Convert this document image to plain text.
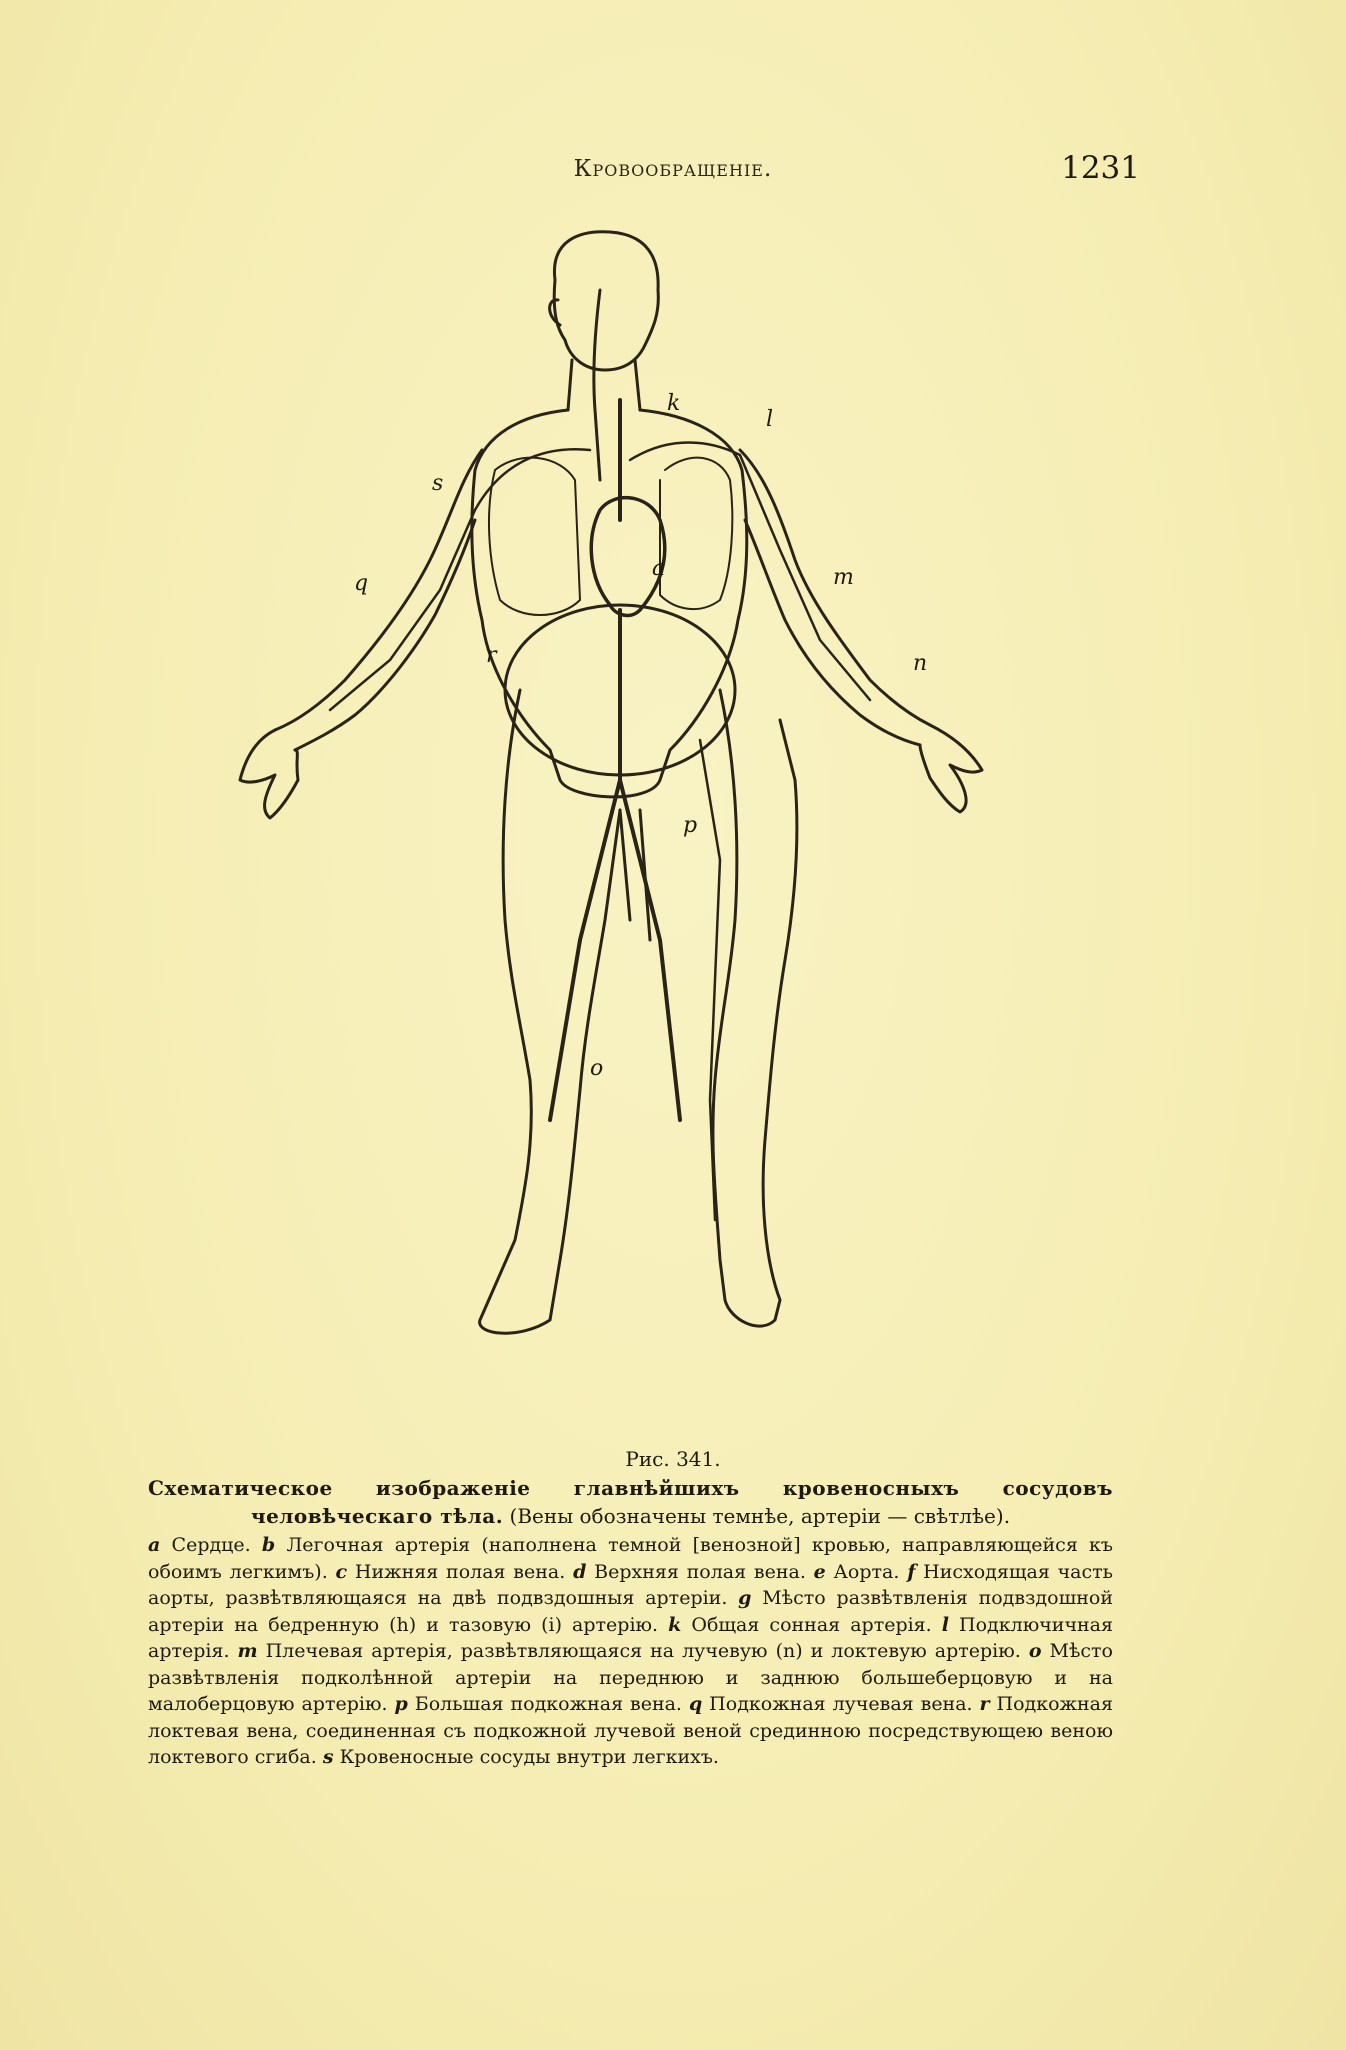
Кровообращеніе.	1231
k
l
s
q	m
r	n
p
o
a
Рис. 341.
Схематическое изображеніе главнѣйшихъ кровеносныхъ сосудовъ человѣческаго тѣла. (Вены обозначены темнѣе, артеріи — свѣтлѣе).
a Сердце. b Легочная артерія (наполнена темной [венозной] кровью, направляющейся къ обоимъ легкимъ). c Нижняя полая вена. d Верхняя полая вена. e Аорта. f Нисходящая часть аорты, развѣтвляющаяся на двѣ подвздошныя артеріи. g Мѣсто развѣтвленія подвздошной артеріи на бедренную (h) и тазовую (i) артерію. k Общая сонная артерія. l Подключичная артерія. m Плечевая артерія, развѣтвляющаяся на лучевую (n) и локтевую артерію. o Мѣсто развѣтвленія подколѣнной артеріи на переднюю и заднюю большеберцовую и на малоберцовую артерію. p Большая подкожная вена. q Подкожная лучевая вена. r Подкожная локтевая вена, соединенная съ подкожной лучевой веной срединною посредствующею веною локтевого сгиба. s Кровеносные сосуды внутри легкихъ.
